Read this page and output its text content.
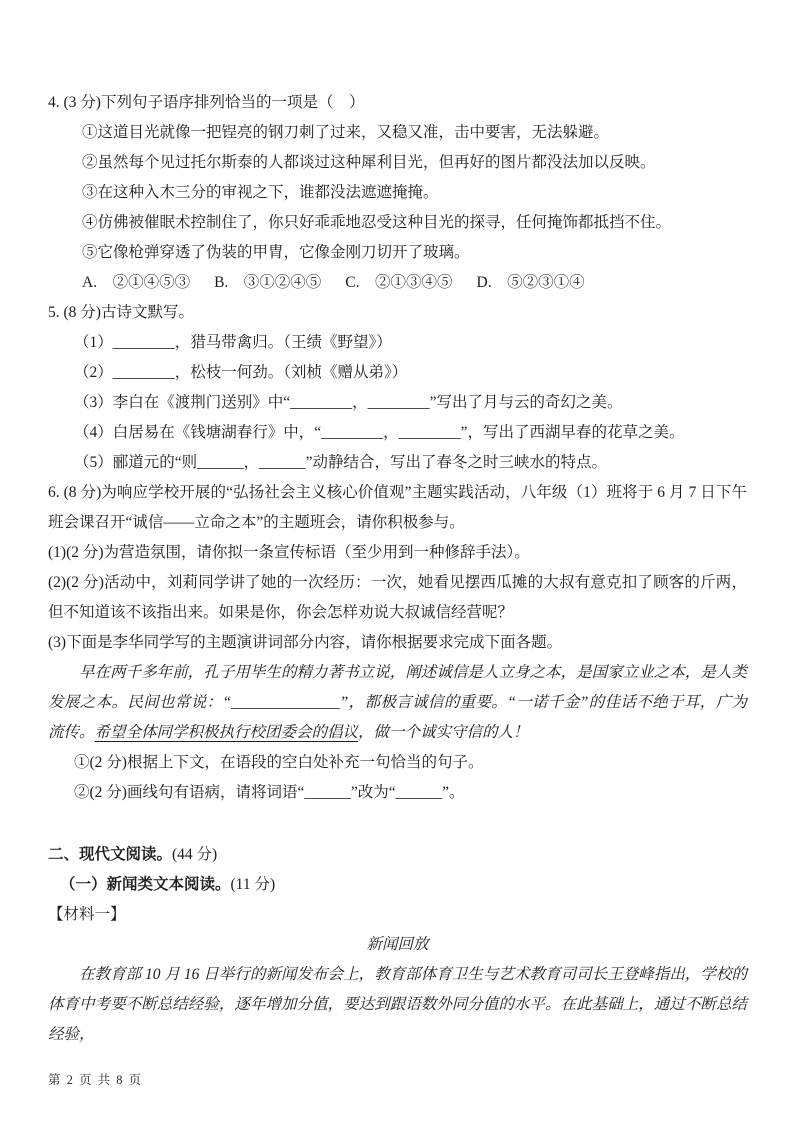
4. (3 分)下列句子语序排列恰当的一项是（　）

①这道目光就像一把锃亮的钢刀刺了过来，又稳又准，击中要害，无法躲避。

②虽然每个见过托尔斯泰的人都谈过这种犀利目光，但再好的图片都没法加以反映。

③在这种入木三分的审视之下，谁都没法遮遮掩掩。

④仿佛被催眠术控制住了，你只好乖乖地忍受这种目光的探寻，任何掩饰都抵挡不住。

⑤它像枪弹穿透了伪装的甲胄，它像金刚刀切开了玻璃。

A.　②①④⑤③ B.　③①②④⑤ C.　②①③④⑤ D.　⑤②③①④

5. (8 分)古诗文默写。

（1）________，猎马带禽归。（王绩《野望》）

（2）________，松枝一何劲。（刘桢《赠从弟》）

（3）李白在《渡荆门送别》中“________，________”写出了月与云的奇幻之美。

（4）白居易在《钱塘湖春行》中，“________，________”，写出了西湖早春的花草之美。

（5）郦道元的“则______，______”动静结合，写出了春冬之时三峡水的特点。

6. (8 分)为响应学校开展的“弘扬社会主义核心价值观”主题实践活动，八年级（1）班将于 6 月 7 日下午班会课召开“诚信——立命之本”的主题班会，请你积极参与。

(1)(2 分)为营造氛围，请你拟一条宣传标语（至少用到一种修辞手法）。

(2)(2 分)活动中，刘莉同学讲了她的一次经历：一次，她看见摆西瓜摊的大叔有意克扣了顾客的斤两，但不知道该不该指出来。如果是你，你会怎样劝说大叔诚信经营呢？

(3)下面是李华同学写的主题演讲词部分内容，请你根据要求完成下面各题。

早在两千多年前，孔子用毕生的精力著书立说，阐述诚信是人立身之本，是国家立业之本，是人类发展之本。民间也常说：“______________”，都极言诚信的重要。“一诺千金”的佳话不绝于耳，广为流传。希望全体同学积极执行校团委会的倡议，做一个诚实守信的人！

①(2 分)根据上下文，在语段的空白处补充一句恰当的句子。

②(2 分)画线句有语病，请将词语“______”改为“______”。

二、现代文阅读。(44 分)

（一）新闻类文本阅读。(11 分)

【材料一】

新闻回放

在教育部 10 月 16 日举行的新闻发布会上，教育部体育卫生与艺术教育司司长王登峰指出，学校的体育中考要不断总结经验，逐年增加分值，要达到跟语数外同分值的水平。在此基础上，通过不断总结经验，

第 2 页 共 8 页
